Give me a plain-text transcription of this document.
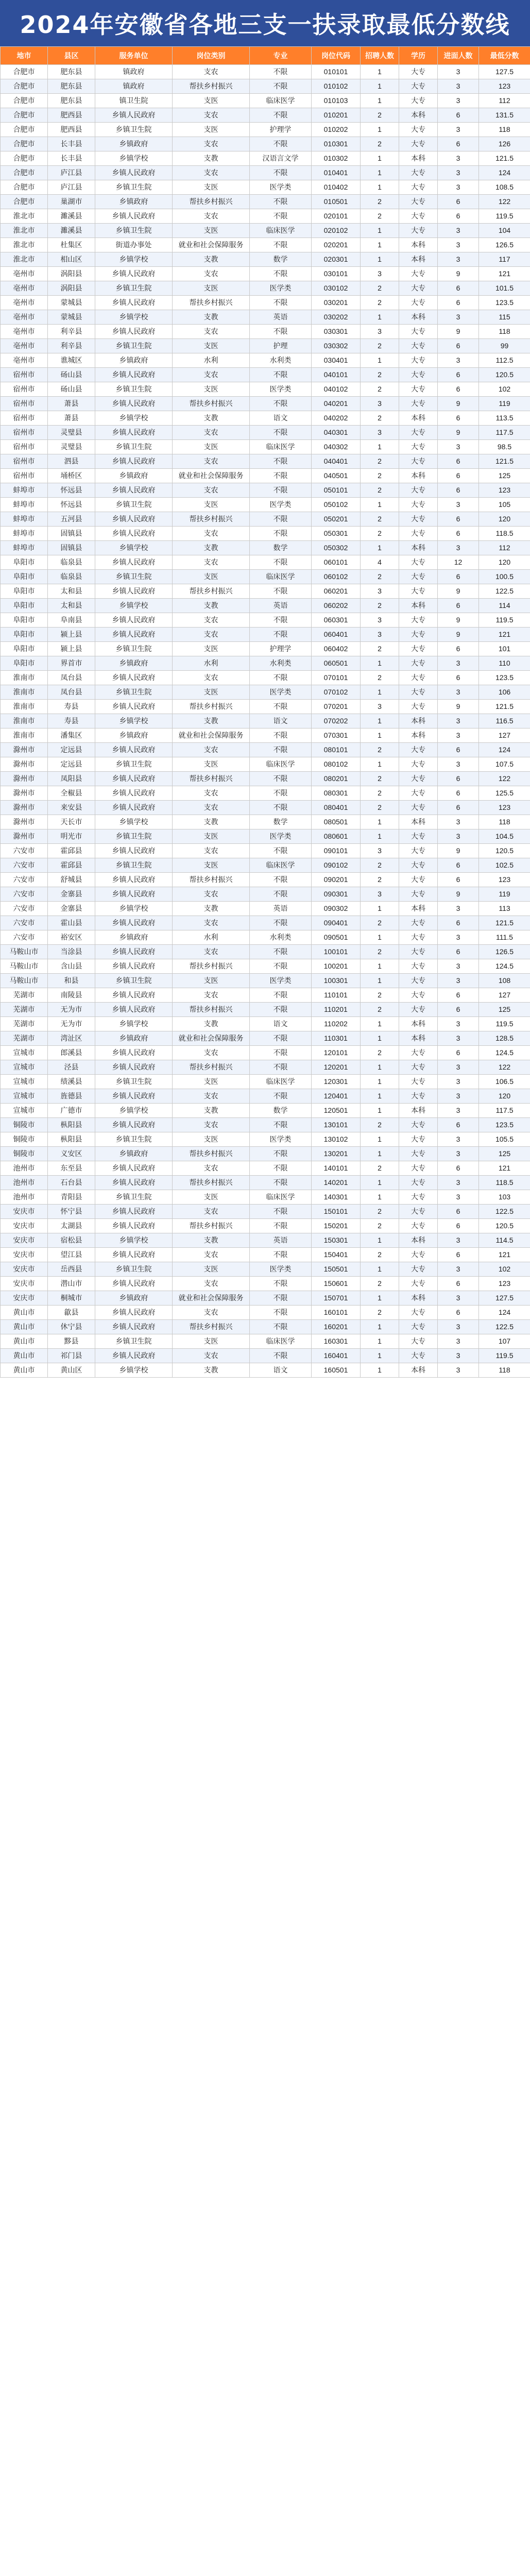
2024年安徽省各地三支一扶录取最低分数线
地市	县区	服务单位	岗位类别	专业	岗位代码	招聘人数	学历	进面人数	最低分数
合肥市	肥东县	镇政府	支农	不限	010101	1	大专	3	127.5
合肥市	肥东县	镇政府	帮扶乡村振兴	不限	010102	1	大专	3	123
合肥市	肥东县	镇卫生院	支医	临床医学	010103	1	大专	3	112
合肥市	肥西县	乡镇人民政府	支农	不限	010201	2	本科	6	131.5
合肥市	肥西县	乡镇卫生院	支医	护理学	010202	1	大专	3	118
合肥市	长丰县	乡镇政府	支农	不限	010301	2	大专	6	126
合肥市	长丰县	乡镇学校	支教	汉语言文学	010302	1	本科	3	121.5
合肥市	庐江县	乡镇人民政府	支农	不限	010401	1	大专	3	124
合肥市	庐江县	乡镇卫生院	支医	医学类	010402	1	大专	3	108.5
合肥市	巢湖市	乡镇政府	帮扶乡村振兴	不限	010501	2	大专	6	122
淮北市	濉溪县	乡镇人民政府	支农	不限	020101	2	大专	6	119.5
淮北市	濉溪县	乡镇卫生院	支医	临床医学	020102	1	大专	3	104
淮北市	杜集区	街道办事处	就业和社会保障服务	不限	020201	1	本科	3	126.5
淮北市	相山区	乡镇学校	支教	数学	020301	1	本科	3	117
亳州市	涡阳县	乡镇人民政府	支农	不限	030101	3	大专	9	121
亳州市	涡阳县	乡镇卫生院	支医	医学类	030102	2	大专	6	101.5
亳州市	蒙城县	乡镇人民政府	帮扶乡村振兴	不限	030201	2	大专	6	123.5
亳州市	蒙城县	乡镇学校	支教	英语	030202	1	本科	3	115
亳州市	利辛县	乡镇人民政府	支农	不限	030301	3	大专	9	118
亳州市	利辛县	乡镇卫生院	支医	护理	030302	2	大专	6	99
亳州市	谯城区	乡镇政府	水利	水利类	030401	1	大专	3	112.5
宿州市	砀山县	乡镇人民政府	支农	不限	040101	2	大专	6	120.5
宿州市	砀山县	乡镇卫生院	支医	医学类	040102	2	大专	6	102
宿州市	萧县	乡镇人民政府	帮扶乡村振兴	不限	040201	3	大专	9	119
宿州市	萧县	乡镇学校	支教	语文	040202	2	本科	6	113.5
宿州市	灵璧县	乡镇人民政府	支农	不限	040301	3	大专	9	117.5
宿州市	灵璧县	乡镇卫生院	支医	临床医学	040302	1	大专	3	98.5
宿州市	泗县	乡镇人民政府	支农	不限	040401	2	大专	6	121.5
宿州市	埇桥区	乡镇政府	就业和社会保障服务	不限	040501	2	本科	6	125
蚌埠市	怀远县	乡镇人民政府	支农	不限	050101	2	大专	6	123
蚌埠市	怀远县	乡镇卫生院	支医	医学类	050102	1	大专	3	105
蚌埠市	五河县	乡镇人民政府	帮扶乡村振兴	不限	050201	2	大专	6	120
蚌埠市	固镇县	乡镇人民政府	支农	不限	050301	2	大专	6	118.5
蚌埠市	固镇县	乡镇学校	支教	数学	050302	1	本科	3	112
阜阳市	临泉县	乡镇人民政府	支农	不限	060101	4	大专	12	120
阜阳市	临泉县	乡镇卫生院	支医	临床医学	060102	2	大专	6	100.5
阜阳市	太和县	乡镇人民政府	帮扶乡村振兴	不限	060201	3	大专	9	122.5
阜阳市	太和县	乡镇学校	支教	英语	060202	2	本科	6	114
阜阳市	阜南县	乡镇人民政府	支农	不限	060301	3	大专	9	119.5
阜阳市	颍上县	乡镇人民政府	支农	不限	060401	3	大专	9	121
阜阳市	颍上县	乡镇卫生院	支医	护理学	060402	2	大专	6	101
阜阳市	界首市	乡镇政府	水利	水利类	060501	1	大专	3	110
淮南市	凤台县	乡镇人民政府	支农	不限	070101	2	大专	6	123.5
淮南市	凤台县	乡镇卫生院	支医	医学类	070102	1	大专	3	106
淮南市	寿县	乡镇人民政府	帮扶乡村振兴	不限	070201	3	大专	9	121.5
淮南市	寿县	乡镇学校	支教	语文	070202	1	本科	3	116.5
淮南市	潘集区	乡镇政府	就业和社会保障服务	不限	070301	1	本科	3	127
滁州市	定远县	乡镇人民政府	支农	不限	080101	2	大专	6	124
滁州市	定远县	乡镇卫生院	支医	临床医学	080102	1	大专	3	107.5
滁州市	凤阳县	乡镇人民政府	帮扶乡村振兴	不限	080201	2	大专	6	122
滁州市	全椒县	乡镇人民政府	支农	不限	080301	2	大专	6	125.5
滁州市	来安县	乡镇人民政府	支农	不限	080401	2	大专	6	123
滁州市	天长市	乡镇学校	支教	数学	080501	1	本科	3	118
滁州市	明光市	乡镇卫生院	支医	医学类	080601	1	大专	3	104.5
六安市	霍邱县	乡镇人民政府	支农	不限	090101	3	大专	9	120.5
六安市	霍邱县	乡镇卫生院	支医	临床医学	090102	2	大专	6	102.5
六安市	舒城县	乡镇人民政府	帮扶乡村振兴	不限	090201	2	大专	6	123
六安市	金寨县	乡镇人民政府	支农	不限	090301	3	大专	9	119
六安市	金寨县	乡镇学校	支教	英语	090302	1	本科	3	113
六安市	霍山县	乡镇人民政府	支农	不限	090401	2	大专	6	121.5
六安市	裕安区	乡镇政府	水利	水利类	090501	1	大专	3	111.5
马鞍山市	当涂县	乡镇人民政府	支农	不限	100101	2	大专	6	126.5
马鞍山市	含山县	乡镇人民政府	帮扶乡村振兴	不限	100201	1	大专	3	124.5
马鞍山市	和县	乡镇卫生院	支医	医学类	100301	1	大专	3	108
芜湖市	南陵县	乡镇人民政府	支农	不限	110101	2	大专	6	127
芜湖市	无为市	乡镇人民政府	帮扶乡村振兴	不限	110201	2	大专	6	125
芜湖市	无为市	乡镇学校	支教	语文	110202	1	本科	3	119.5
芜湖市	湾沚区	乡镇政府	就业和社会保障服务	不限	110301	1	本科	3	128.5
宣城市	郎溪县	乡镇人民政府	支农	不限	120101	2	大专	6	124.5
宣城市	泾县	乡镇人民政府	帮扶乡村振兴	不限	120201	1	大专	3	122
宣城市	绩溪县	乡镇卫生院	支医	临床医学	120301	1	大专	3	106.5
宣城市	旌德县	乡镇人民政府	支农	不限	120401	1	大专	3	120
宣城市	广德市	乡镇学校	支教	数学	120501	1	本科	3	117.5
铜陵市	枞阳县	乡镇人民政府	支农	不限	130101	2	大专	6	123.5
铜陵市	枞阳县	乡镇卫生院	支医	医学类	130102	1	大专	3	105.5
铜陵市	义安区	乡镇政府	帮扶乡村振兴	不限	130201	1	大专	3	125
池州市	东至县	乡镇人民政府	支农	不限	140101	2	大专	6	121
池州市	石台县	乡镇人民政府	帮扶乡村振兴	不限	140201	1	大专	3	118.5
池州市	青阳县	乡镇卫生院	支医	临床医学	140301	1	大专	3	103
安庆市	怀宁县	乡镇人民政府	支农	不限	150101	2	大专	6	122.5
安庆市	太湖县	乡镇人民政府	帮扶乡村振兴	不限	150201	2	大专	6	120.5
安庆市	宿松县	乡镇学校	支教	英语	150301	1	本科	3	114.5
安庆市	望江县	乡镇人民政府	支农	不限	150401	2	大专	6	121
安庆市	岳西县	乡镇卫生院	支医	医学类	150501	1	大专	3	102
安庆市	潜山市	乡镇人民政府	支农	不限	150601	2	大专	6	123
安庆市	桐城市	乡镇政府	就业和社会保障服务	不限	150701	1	本科	3	127.5
黄山市	歙县	乡镇人民政府	支农	不限	160101	2	大专	6	124
黄山市	休宁县	乡镇人民政府	帮扶乡村振兴	不限	160201	1	大专	3	122.5
黄山市	黟县	乡镇卫生院	支医	临床医学	160301	1	大专	3	107
黄山市	祁门县	乡镇人民政府	支农	不限	160401	1	大专	3	119.5
黄山市	黄山区	乡镇学校	支教	语文	160501	1	本科	3	118
